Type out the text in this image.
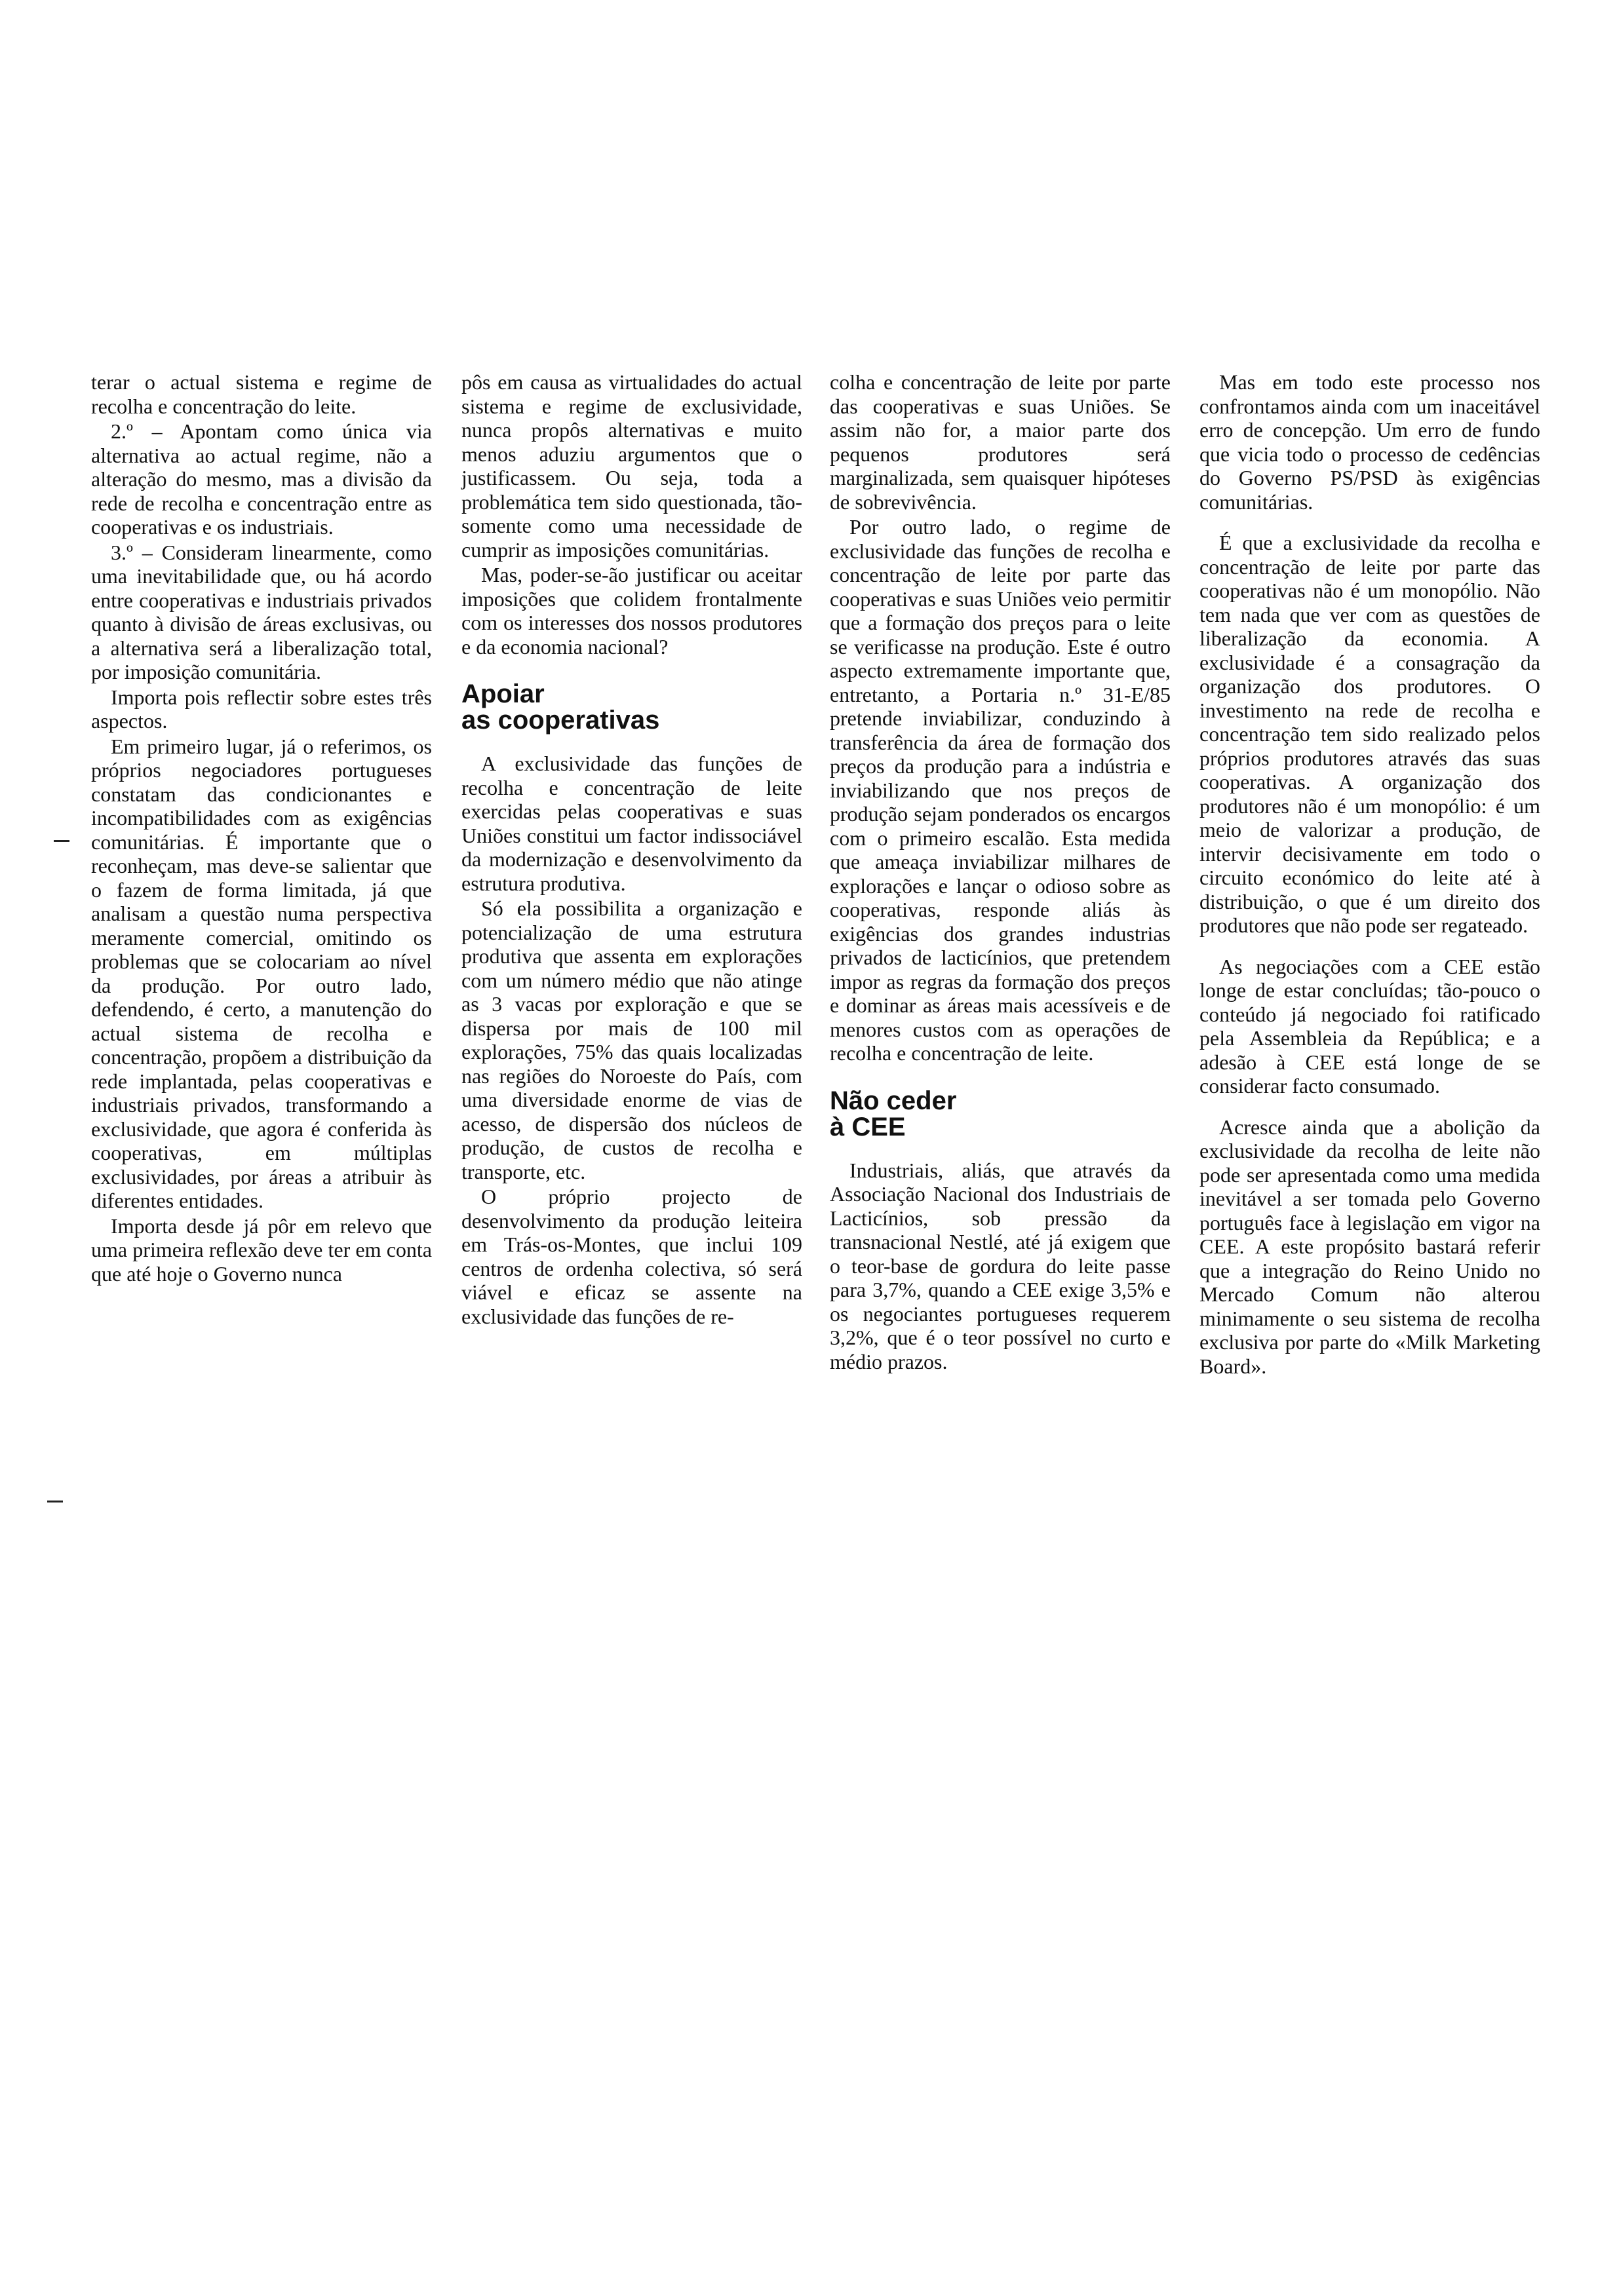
terar o actual sistema e regime de recolha e concentração do leite.

2.º – Apontam como única via alternativa ao actual regime, não a alteração do mesmo, mas a divisão da rede de recolha e concentração entre as cooperativas e os industriais.

3.º – Consideram linearmente, como uma inevitabilidade que, ou há acordo entre cooperativas e industriais privados quanto à divisão de áreas exclusivas, ou a alternativa será a liberalização total, por imposição comunitária.

Importa pois reflectir sobre estes três aspectos.

Em primeiro lugar, já o referimos, os próprios negociadores portugueses constatam das condicionantes e incompatibilidades com as exigências comunitárias. É importante que o reconheçam, mas deve-se salientar que o fazem de forma limitada, já que analisam a questão numa perspectiva meramente comercial, omitindo os problemas que se colocariam ao nível da produção. Por outro lado, defendendo, é certo, a manutenção do actual sistema de recolha e concentração, propõem a distribuição da rede implantada, pelas cooperativas e industriais privados, transformando a exclusividade, que agora é conferida às cooperativas, em múltiplas exclusividades, por áreas a atribuir às diferentes entidades.

Importa desde já pôr em relevo que uma primeira reflexão deve ter em conta que até hoje o Governo nunca

pôs em causa as virtualidades do actual sistema e regime de exclusividade, nunca propôs alternativas e muito menos aduziu argumentos que o justificassem. Ou seja, toda a problemática tem sido questionada, tão-somente como uma necessidade de cumprir as imposições comunitárias.

Mas, poder-se-ão justificar ou aceitar imposições que colidem frontalmente com os interesses dos nossos produtores e da economia nacional?

Apoiar
as cooperativas

A exclusividade das funções de recolha e concentração de leite exercidas pelas cooperativas e suas Uniões constitui um factor indissociável da modernização e desenvolvimento da estrutura produtiva.

Só ela possibilita a organização e potencialização de uma estrutura produtiva que assenta em explorações com um número médio que não atinge as 3 vacas por exploração e que se dispersa por mais de 100 mil explorações, 75% das quais localizadas nas regiões do Noroeste do País, com uma diversidade enorme de vias de acesso, de dispersão dos núcleos de produção, de custos de recolha e transporte, etc.

O próprio projecto de desenvolvimento da produção leiteira em Trás-os-Montes, que inclui 109 centros de ordenha colectiva, só será viável e eficaz se assente na exclusividade das funções de re-

colha e concentração de leite por parte das cooperativas e suas Uniões. Se assim não for, a maior parte dos pequenos produtores será marginalizada, sem quaisquer hipóteses de sobrevivência.

Por outro lado, o regime de exclusividade das funções de recolha e concentração de leite por parte das cooperativas e suas Uniões veio permitir que a formação dos preços para o leite se verificasse na produção. Este é outro aspecto extremamente importante que, entretanto, a Portaria n.º 31-E/85 pretende inviabilizar, conduzindo à transferência da área de formação dos preços da produção para a indústria e inviabilizando que nos preços de produção sejam ponderados os encargos com o primeiro escalão. Esta medida que ameaça inviabilizar milhares de explorações e lançar o odioso sobre as cooperativas, responde aliás às exigências dos grandes industrias privados de lacticínios, que pretendem impor as regras da formação dos preços e dominar as áreas mais acessíveis e de menores custos com as operações de recolha e concentração de leite.

Não ceder
à CEE

Industriais, aliás, que através da Associação Nacional dos Industriais de Lacticínios, sob pressão da transnacional Nestlé, até já exigem que o teor-base de gordura do leite passe para 3,7%, quando a CEE exige 3,5% e os negociantes portugueses requerem 3,2%, que é o teor possível no curto e médio prazos.

Mas em todo este processo nos confrontamos ainda com um inaceitável erro de concepção. Um erro de fundo que vicia todo o processo de cedências do Governo PS/PSD às exigências comunitárias.

É que a exclusividade da recolha e concentração de leite por parte das cooperativas não é um monopólio. Não tem nada que ver com as questões de liberalização da economia. A exclusividade é a consagração da organização dos produtores. O investimento na rede de recolha e concentração tem sido realizado pelos próprios produtores através das suas cooperativas. A organização dos produtores não é um monopólio: é um meio de valorizar a produção, de intervir decisivamente em todo o circuito económico do leite até à distribuição, o que é um direito dos produtores que não pode ser regateado.

As negociações com a CEE estão longe de estar concluídas; tão-pouco o conteúdo já negociado foi ratificado pela Assembleia da República; e a adesão à CEE está longe de se considerar facto consumado.

Acresce ainda que a abolição da exclusividade da recolha de leite não pode ser apresentada como uma medida inevitável a ser tomada pelo Governo português face à legislação em vigor na CEE. A este propósito bastará referir que a integração do Reino Unido no Mercado Comum não alterou minimamente o seu sistema de recolha exclusiva por parte do «Milk Marketing Board».
